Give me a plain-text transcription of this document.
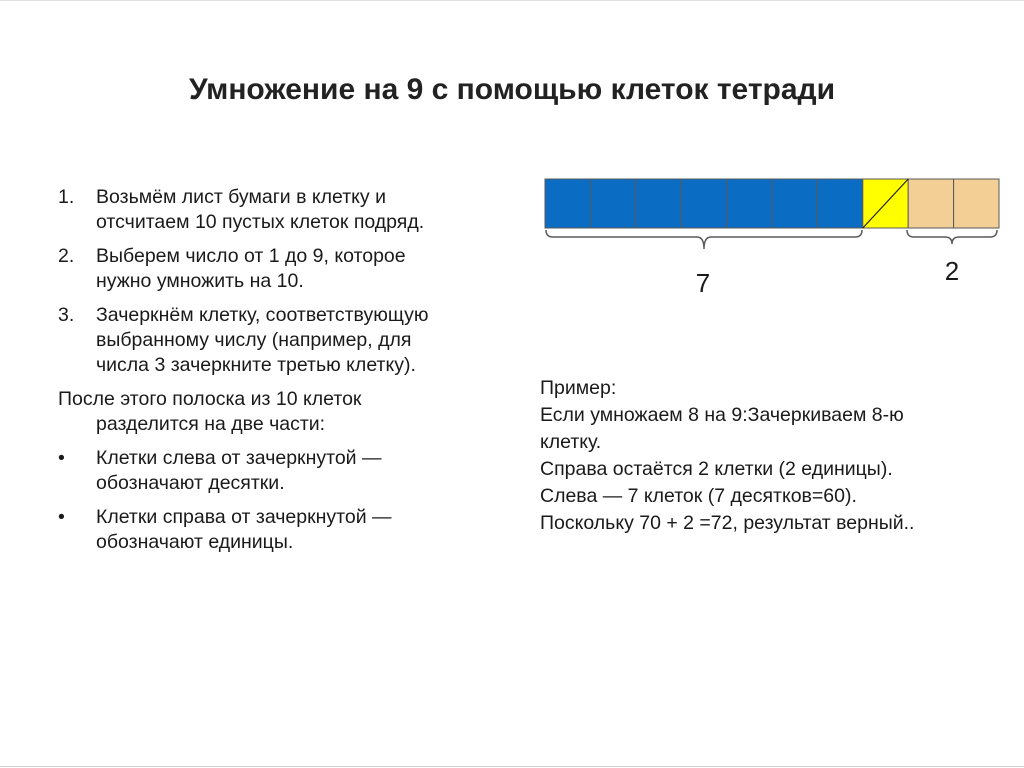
Умножение на 9 с помощью клеток тетради
1. Возьмём лист бумаги в клетку и
отсчитаем 10 пустых клеток подряд.
2. Выберем число от 1 до 9, которое
нужно умножить на 10.
3. Зачеркнём клетку, соответствующую
выбранному числу (например, для
числа 3 зачеркните третью клетку).
После этого полоска из 10 клеток
разделится на две части:
• Клетки слева от зачеркнутой —
обозначают десятки.
• Клетки справа от зачеркнутой —
обозначают единицы.
7	2
Пример:
Если умножаем 8 на 9:Зачеркиваем 8-ю
клетку.
Справа остаётся 2 клетки (2 единицы).
Слева — 7 клеток (7 десятков=60).
Поскольку 70 + 2 =72, результат верный..
